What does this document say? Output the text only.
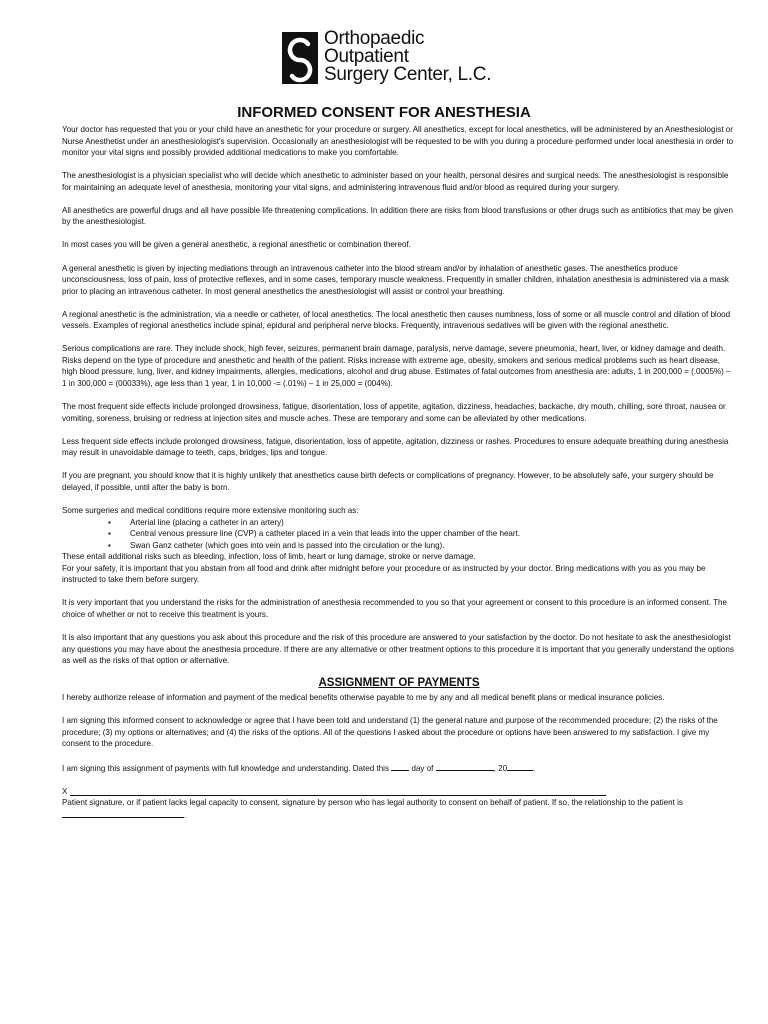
Orthopaedic
Outpatient
Surgery Center, L.C.
INFORMED CONSENT FOR ANESTHESIA

Your doctor has requested that you or your child have an anesthetic for your procedure or surgery. All anesthetics, except for local anesthetics, will be administered by an Anesthesiologist or Nurse Anesthetist under an anesthesiologist's supervision. Occasionally an anesthesiologist will be requested to be with you during a procedure performed under local anesthesia in order to monitor your vital signs and possibly provided additional medications to make you comfortable.

The anesthesiologist is a physician specialist who will decide which anesthetic to administer based on your health, personal desires and surgical needs. The anesthesiologist is responsible for maintaining an adequate level of anesthesia, monitoring your vital signs, and administering intravenous fluid and/or blood as required during your surgery.

All anesthetics are powerful drugs and all have possible life threatening complications. In addition there are risks from blood transfusions or other drugs such as antibiotics that may be given by the anesthesiologist.

In most cases you will be given a general anesthetic, a regional anesthetic or combination thereof.

A general anesthetic is given by injecting mediations through an intravenous catheter into the blood stream and/or by inhalation of anesthetic gases. The anesthetics produce unconsciousness, loss of pain, loss of protective reflexes, and in some cases, temporary muscle weakness. Frequently in smaller children, inhalation anesthesia is administered via a mask prior to placing an intravenous catheter. In most general anesthetics the anesthesiologist will assist or control your breathing.

A regional anesthetic is the administration, via a needle or catheter, of local anesthetics. The local anesthetic then causes numbness, loss of some or all muscle control and dilation of blood vessels. Examples of regional anesthetics include spinal, epidural and peripheral nerve blocks. Frequently, intravenous sedatives will be given with the regional anesthetic.

Serious complications are rare. They include shock, high fever, seizures, permanent brain damage, paralysis, nerve damage, severe pneumonia, heart, liver, or kidney damage and death. Risks depend on the type of procedure and anesthetic and health of the patient. Risks increase with extreme age, obesity, smokers and serious medical problems such as heart disease, high blood pressure, lung, liver, and kidney impairments, allergies, medications, alcohol and drug abuse. Estimates of fatal outcomes from anesthesia are: adults, 1 in 200,000 = (.0005%) – 1 in 300,000 = (00033%), age less than 1 year, 1 in 10,000 -= (.01%) – 1 in 25,000 = (004%).

The most frequent side effects include prolonged drowsiness, fatigue, disorientation, loss of appetite, agitation, dizziness, headaches, backache, dry mouth, chilling, sore throat, nausea or vomiting, soreness, bruising or redness at injection sites and muscle aches. These are temporary and some can be alleviated by other medications.

Less frequent side effects include prolonged drowsiness, fatigue, disorientation, loss of appetite, agitation, dizziness or rashes. Procedures to ensure adequate breathing during anesthesia may result in unavoidable damage to teeth, caps, bridges, lips and tongue.

If you are pregnant, you should know that it is highly unlikely that anesthetics cause birth defects or complications of pregnancy. However, to be absolutely safe, your surgery should be delayed, if possible, until after the baby is born.

Some surgeries and medical conditions require more extensive monitoring such as:

▪ Arterial line (placing a catheter in an artery)
▪ Central venous pressure line (CVP) a catheter placed in a vein that leads into the upper chamber of the heart.
▪ Swan Ganz catheter (which goes into vein and is passed into the circulation or the lung).

These entail additional risks such as bleeding, infection, loss of limb, heart or lung damage, stroke or nerve damage.

For your safety, it is important that you abstain from all food and drink after midnight before your procedure or as instructed by your doctor. Bring medications with you as you may be instructed to take them before surgery.

It is very important that you understand the risks for the administration of anesthesia recommended to you so that your agreement or consent to this procedure is an informed consent. The choice of whether or not to receive this treatment is yours.

It is also important that any questions you ask about this procedure and the risk of this procedure are answered to your satisfaction by the doctor. Do not hesitate to ask the anesthesiologist any questions you may have about the anesthesia procedure. If there are any alternative or other treatment options to this procedure it is important that you generally understand the options as well as the risks of that option or alternative.

ASSIGNMENT OF PAYMENTS

I hereby authorize release of information and payment of the medical benefits otherwise payable to me by any and all medical benefit plans or medical insurance policies.

I am signing this informed consent to acknowledge or agree that I have been told and understand (1) the general nature and purpose of the recommended procedure; (2) the risks of the procedure; (3) my options or alternatives; and (4) the risks of the options. All of the questions I asked about the procedure or options have been answered to my satisfaction. I give my consent to the procedure.

I am signing this assignment of payments with full knowledge and understanding. Dated this	day of	, 20	.

X

Patient signature, or if patient lacks legal capacity to consent, signature by person who has legal authority to consent on behalf of patient. If so, the relationship to the patient is .
